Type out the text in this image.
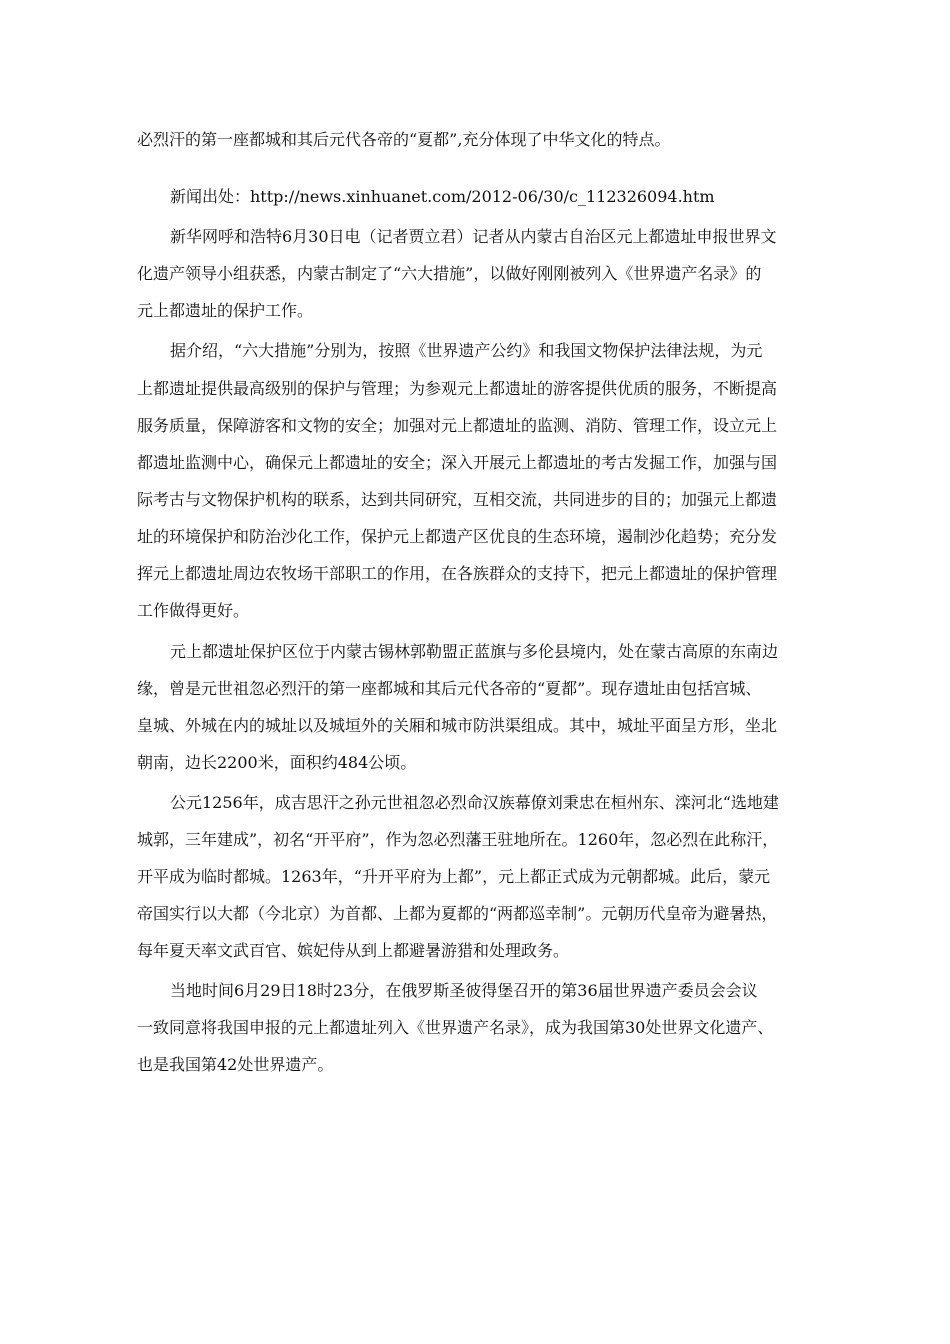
必烈汗的第一座都城和其后元代各帝的“夏都”,充分体现了中华文化的特点。
新闻出处：http://news.xinhuanet.com/2012-06/30/c_112326094.htm
新华网呼和浩特6月30日电（记者贾立君）记者从内蒙古自治区元上都遗址申报世界文
化遗产领导小组获悉，内蒙古制定了“六大措施”，以做好刚刚被列入《世界遗产名录》的
元上都遗址的保护工作。
据介绍，“六大措施”分别为，按照《世界遗产公约》和我国文物保护法律法规，为元
上都遗址提供最高级别的保护与管理；为参观元上都遗址的游客提供优质的服务，不断提高
服务质量，保障游客和文物的安全；加强对元上都遗址的监测、消防、管理工作，设立元上
都遗址监测中心，确保元上都遗址的安全；深入开展元上都遗址的考古发掘工作，加强与国
际考古与文物保护机构的联系，达到共同研究，互相交流，共同进步的目的；加强元上都遗
址的环境保护和防治沙化工作，保护元上都遗产区优良的生态环境，遏制沙化趋势；充分发
挥元上都遗址周边农牧场干部职工的作用，在各族群众的支持下，把元上都遗址的保护管理
工作做得更好。
元上都遗址保护区位于内蒙古锡林郭勒盟正蓝旗与多伦县境内，处在蒙古高原的东南边
缘，曾是元世祖忽必烈汗的第一座都城和其后元代各帝的“夏都”。现存遗址由包括宫城、
皇城、外城在内的城址以及城垣外的关厢和城市防洪渠组成。其中，城址平面呈方形，坐北
朝南，边长2200米，面积约484公顷。
公元1256年，成吉思汗之孙元世祖忽必烈命汉族幕僚刘秉忠在桓州东、滦河北“选地建
城郭，三年建成”，初名“开平府”，作为忽必烈藩王驻地所在。1260年，忽必烈在此称汗，
开平成为临时都城。1263年，“升开平府为上都”，元上都正式成为元朝都城。此后，蒙元
帝国实行以大都（今北京）为首都、上都为夏都的“两都巡幸制”。元朝历代皇帝为避暑热，
每年夏天率文武百官、嫔妃侍从到上都避暑游猎和处理政务。
当地时间6月29日18时23分，在俄罗斯圣彼得堡召开的第36届世界遗产委员会会议
一致同意将我国申报的元上都遗址列入《世界遗产名录》，成为我国第30处世界文化遗产、
也是我国第42处世界遗产。
